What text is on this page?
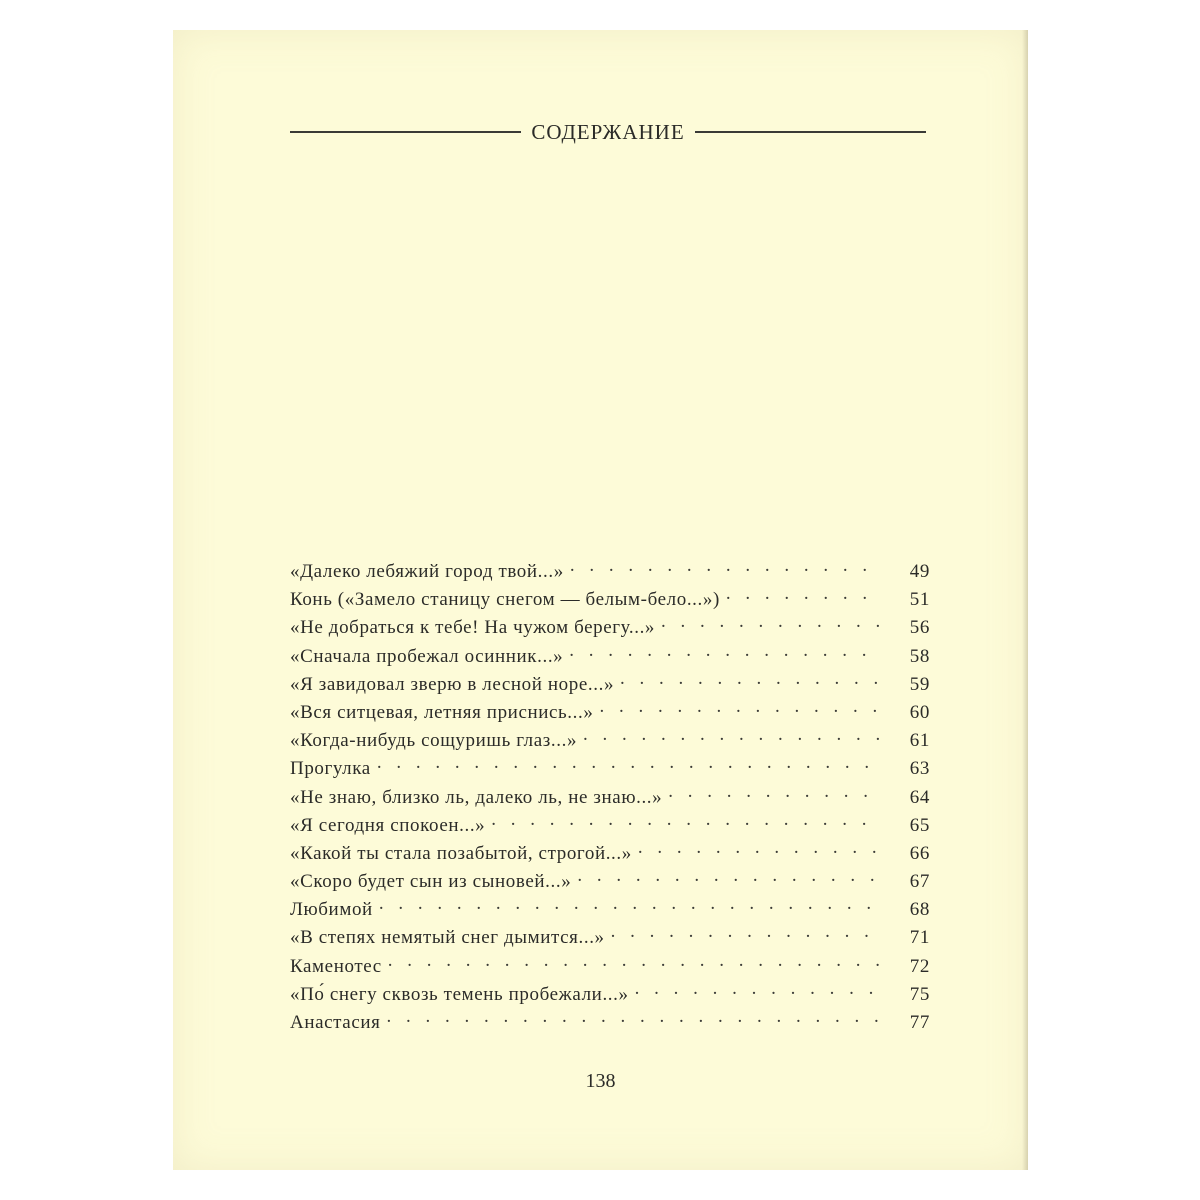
СОДЕРЖАНИЕ
«Далеко лебяжий город твой...» . . .	49
Конь («Замело станицу снегом — белым-бело...») . . .	51
«Не добраться к тебе! На чужом берегу...» . . .	56
«Сначала пробежал осинник...» . . .	58
«Я завидовал зверю в лесной норе...» . . .	59
«Вся ситцевая, летняя приснись...» . . .	60
«Когда-нибудь сощуришь глаз...» . . .	61
Прогулка . . .	63
«Не знаю, близко ль, далеко ль, не знаю...» . . .	64
«Я сегодня спокоен...» . . .	65
«Какой ты стала позабытой, строгой...» . . .	66
«Скоро будет сын из сыновей...» . . .	67
Любимой . . .	68
«В степях немятый снег дымится...» . . .	71
Каменотес . . .	72
«По́ снегу сквозь темень пробежали...» . . .	75
Анастасия . . .	77
138
